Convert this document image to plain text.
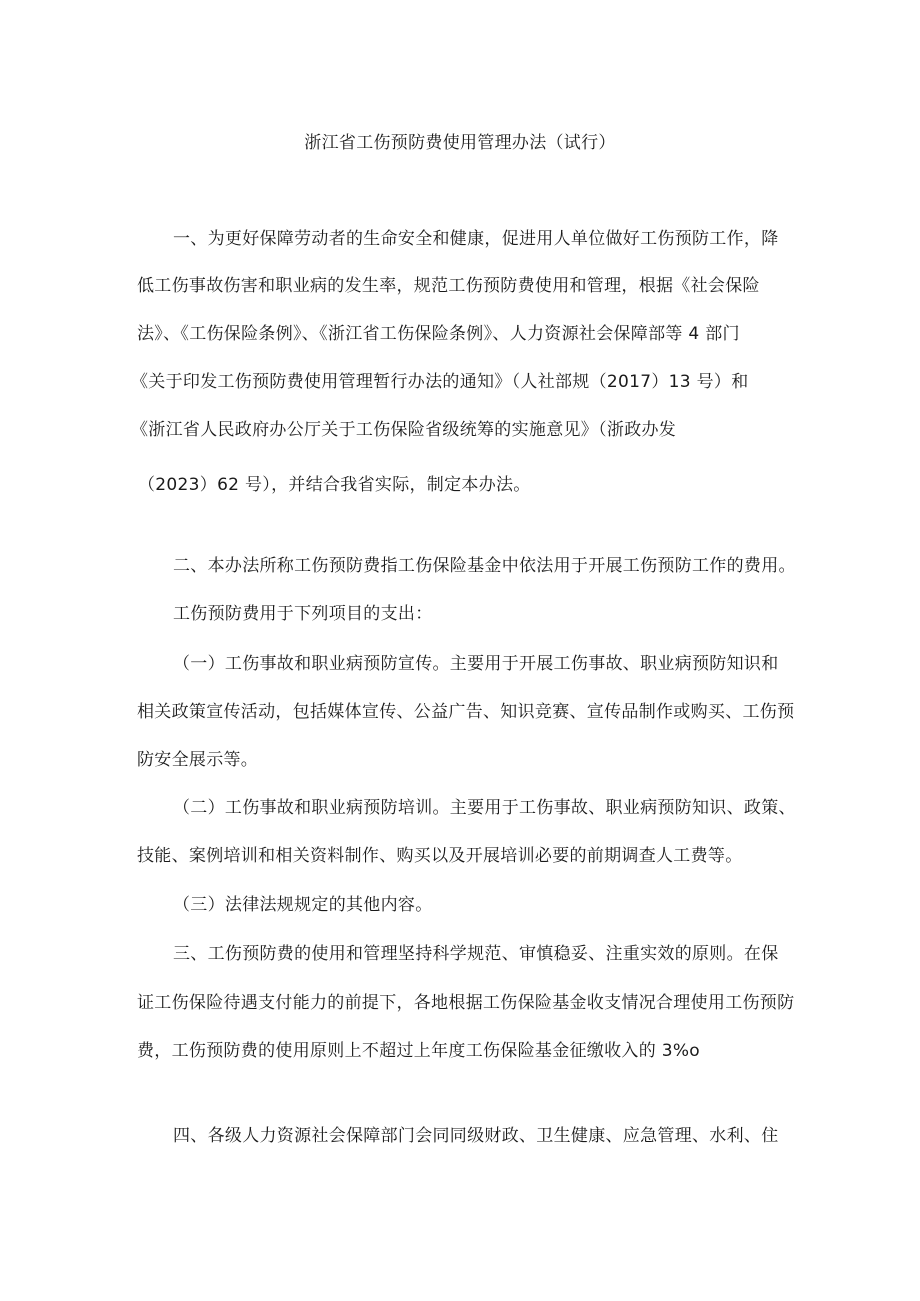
浙江省工伤预防费使用管理办法（试行）
一、为更好保障劳动者的生命安全和健康，促进用人单位做好工伤预防工作，降
低工伤事故伤害和职业病的发生率，规范工伤预防费使用和管理，根据《社会保险
法》、《工伤保险条例》、《浙江省工伤保险条例》、人力资源社会保障部等 4 部门
《关于印发工伤预防费使用管理暂行办法的通知》（人社部规（2017）13 号）和
《浙江省人民政府办公厅关于工伤保险省级统筹的实施意见》（浙政办发
（2023）62 号），并结合我省实际，制定本办法。
二、本办法所称工伤预防费指工伤保险基金中依法用于开展工伤预防工作的费用。
工伤预防费用于下列项目的支出：
（一）工伤事故和职业病预防宣传。主要用于开展工伤事故、职业病预防知识和
相关政策宣传活动，包括媒体宣传、公益广告、知识竞赛、宣传品制作或购买、工伤预
防安全展示等。
（二）工伤事故和职业病预防培训。主要用于工伤事故、职业病预防知识、政策、
技能、案例培训和相关资料制作、购买以及开展培训必要的前期调查人工费等。
（三）法律法规规定的其他内容。
三、工伤预防费的使用和管理坚持科学规范、审慎稳妥、注重实效的原则。在保
证工伤保险待遇支付能力的前提下，各地根据工伤保险基金收支情况合理使用工伤预防
费，工伤预防费的使用原则上不超过上年度工伤保险基金征缴收入的 3%o
四、各级人力资源社会保障部门会同同级财政、卫生健康、应急管理、水利、住
